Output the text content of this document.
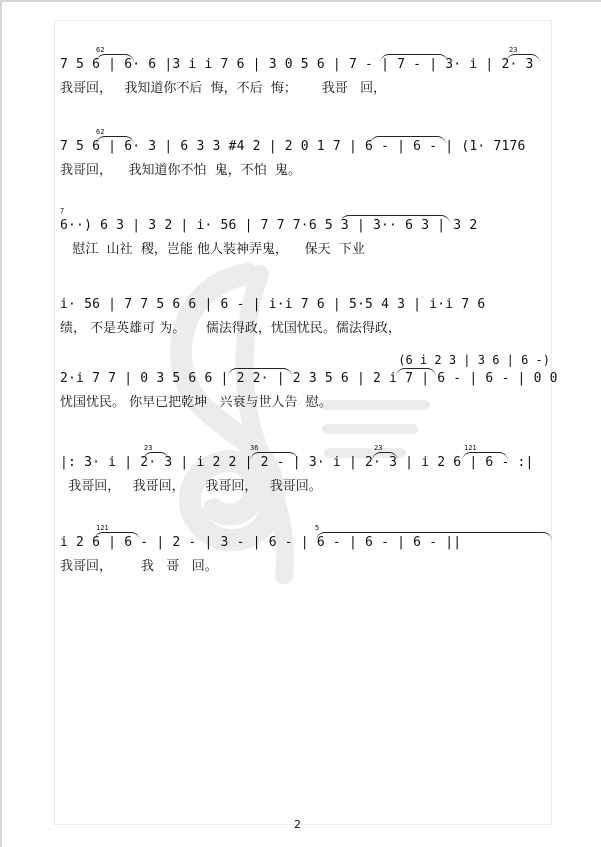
7 5 6 | 6· 6 |3 i i 7 6 | 3 0 5 6 | 7 - | 7 - | 3· i | 2· 3
我哥回，   我知道你不后  悔，不后  悔；      我哥   回，
62	23
7 5 6 | 6· 3 | 6 3 3 #4 2 | 2 0 1 7 | 6 - | 6 - | (1· 7176
我哥回，    我知道你不怕  鬼，不怕  鬼。
62
6··) 6 3 | 3 2 | i· 56 | 7 7 7·6 5 3 | 3·· 6 3 | 3 2
慰江  山社  稷，岂能 他人装神弄鬼，    保天  下业
7
i· 56 | 7 7 5 6 6 | 6 - | i·i 7 6 | 5·5 4 3 | i·i 7 6
绩， 不是英雄可 为。     儒法得政，忧国忧民。儒法得政，
(6 i 2 3 | 3 6 | 6 -)
2·i 7 7 | 0 3 5 6 6 | 2 2· | 2 3 5 6 | 2 i 7 | 6 - | 6 - | 0 0
忧国忧民。 你早已把乾坤   兴衰与世人告  慰。
|: 3· i | 2· 3 | i 2 2 | 2 - | 3· i | 2· 3 | i 2 6 | 6 - :|
我哥回，   我哥回，     我哥回，   我哥回。
23	36	23	121
i 2 6 | 6 - | 2 - | 3 - | 6 - | 6 - | 6 - | 6 - ||
我哥回，       我   哥   回。
121	5
2
